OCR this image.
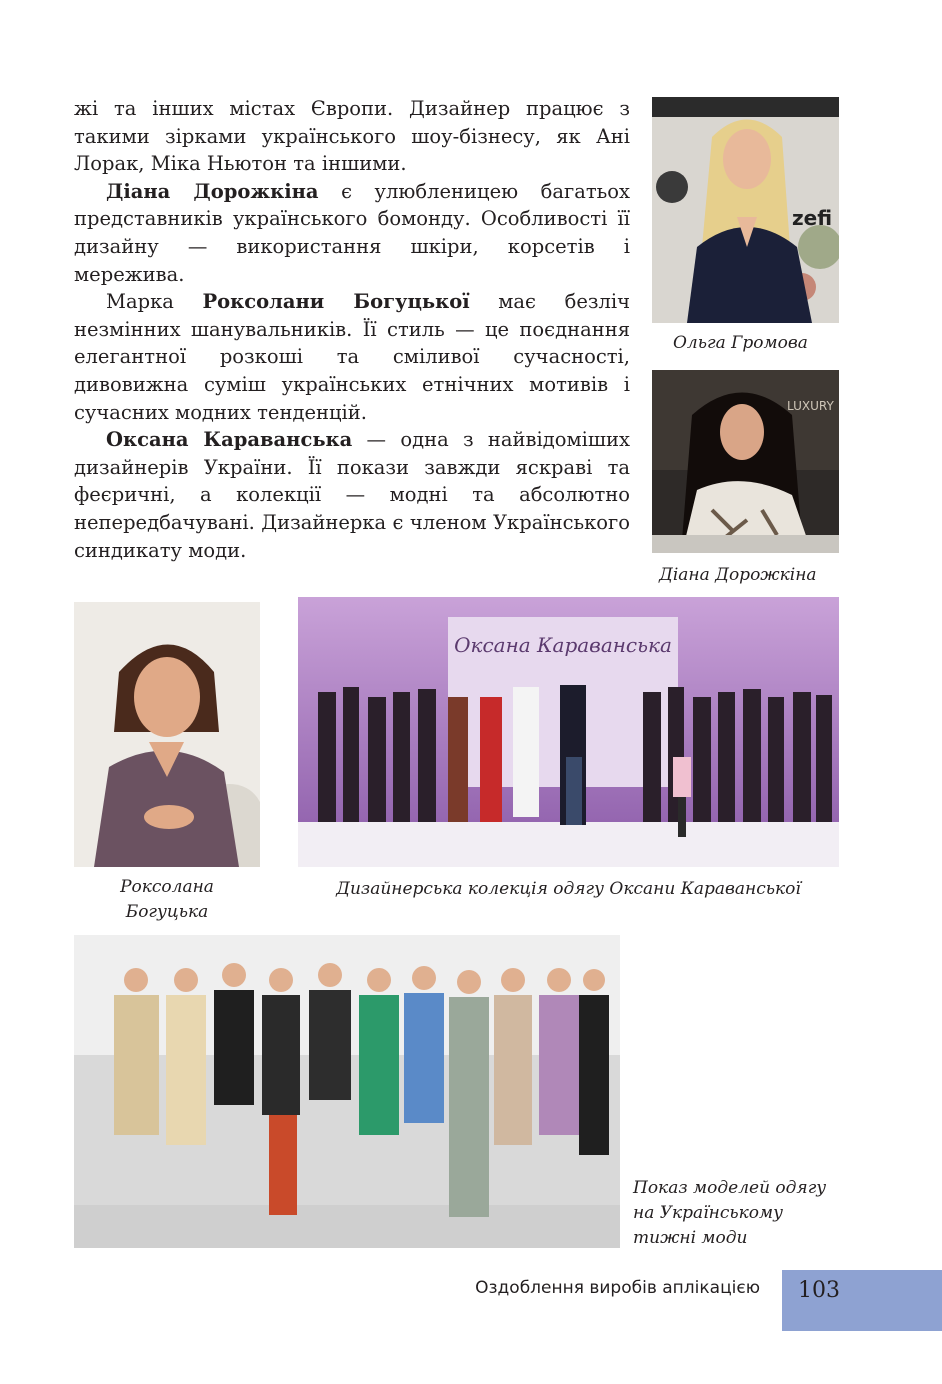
жі та інших містах Європи. Дизайнер працює з такими зірками українського шоу-бізнесу, як Ані Лорак, Міка Ньютон та іншими.

Діана Дорожкіна є улюбленицею багатьох представників українського бомонду. Особливості її дизайну — використання шкіри, корсетів і мережива.

Марка Роксолани Богуцької має безліч незмінних шанувальників. Її стиль — це поєднання елегантної розкоші та сміливої сучасності, дивовижна суміш українських етнічних мотивів і сучасних модних тенденцій.

Оксана Караванська — одна з найвідоміших дизайнерів України. Її покази завжди яскраві та феєричні, а колекції — модні та абсолютно непередбачувані. Дизайнерка є членом Українського синдикату моди.

zefi
Ольга Громова
LUXURY
Діана Дорожкіна
Роксолана
Богуцька
Оксана Караванська
Дизайнерська колекція одягу Оксани Караванської
Показ моделей одягу
на Українському
тижні моди
Оздоблення виробів аплікацією	103
